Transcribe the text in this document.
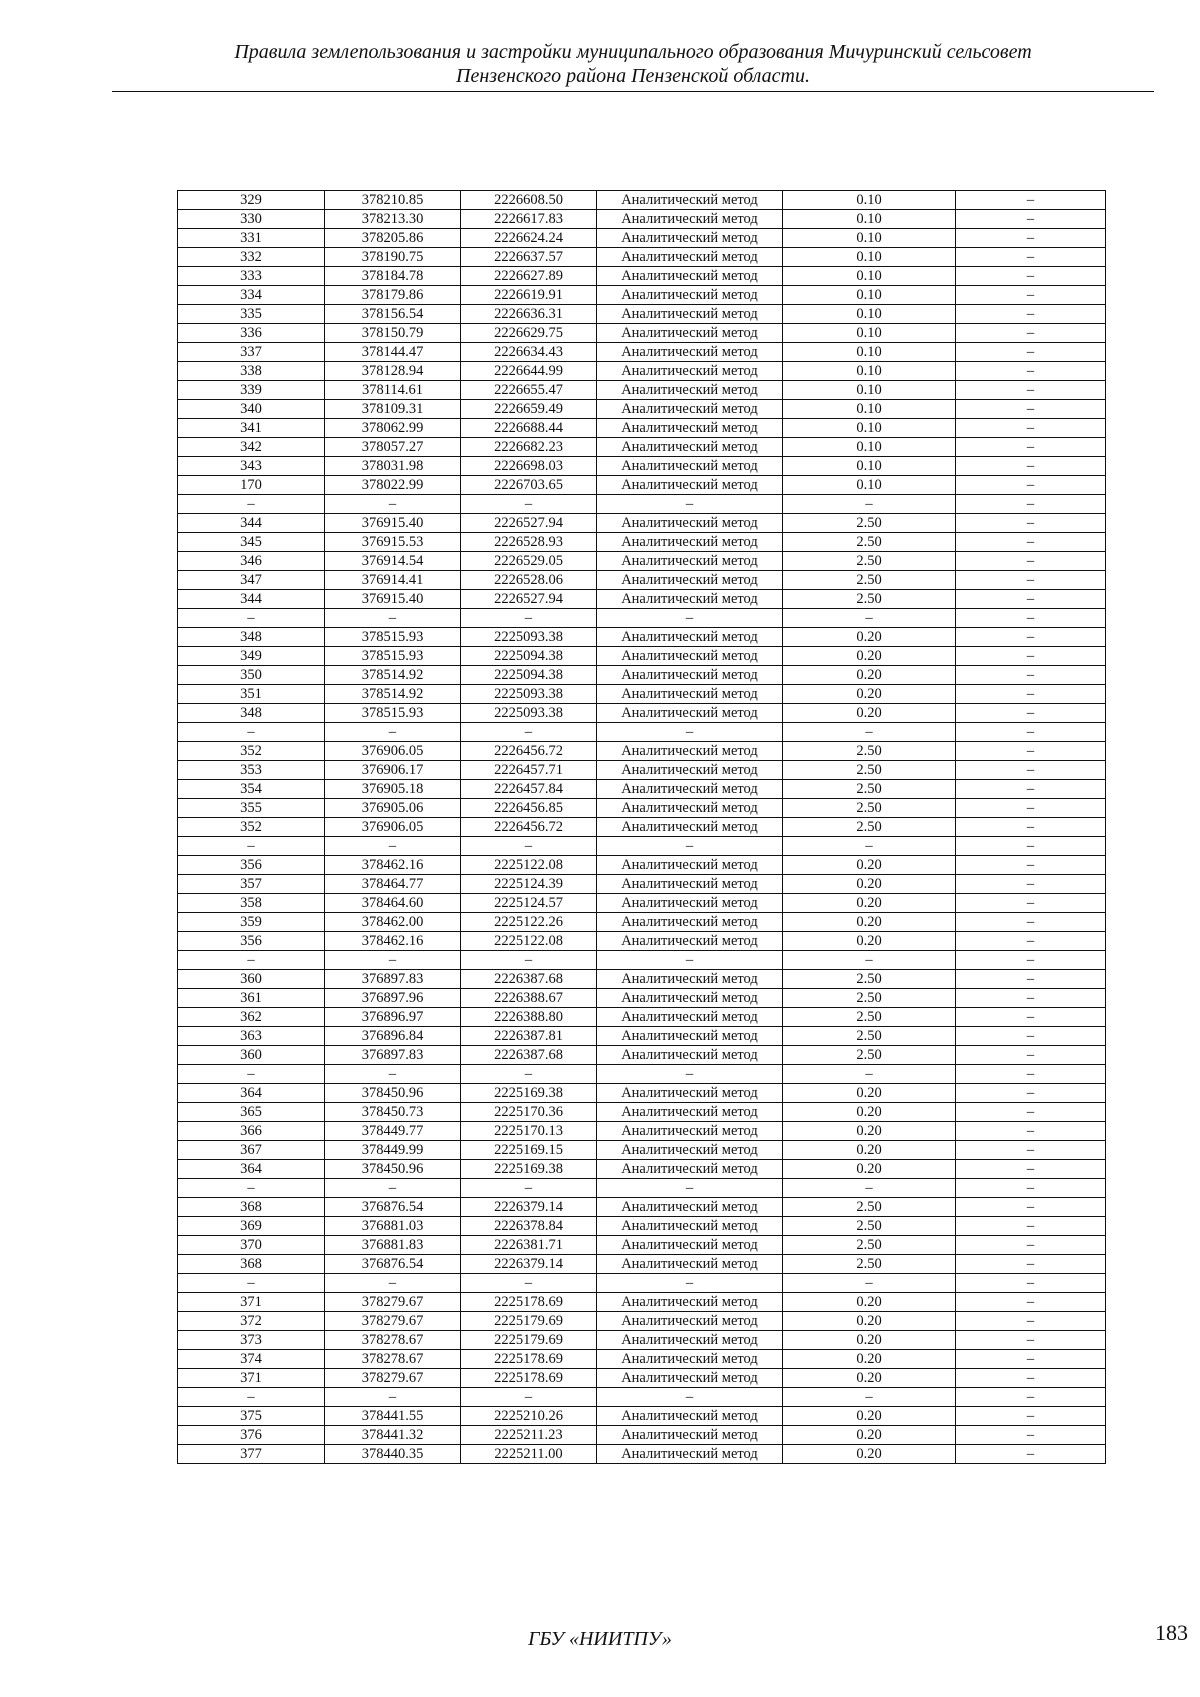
Правила землепользования и застройки муниципального образования Мичуринский сельсовет
Пензенского района Пензенской области.
329	378210.85	2226608.50	Аналитический метод	0.10	–
330	378213.30	2226617.83	Аналитический метод	0.10	–
331	378205.86	2226624.24	Аналитический метод	0.10	–
332	378190.75	2226637.57	Аналитический метод	0.10	–
333	378184.78	2226627.89	Аналитический метод	0.10	–
334	378179.86	2226619.91	Аналитический метод	0.10	–
335	378156.54	2226636.31	Аналитический метод	0.10	–
336	378150.79	2226629.75	Аналитический метод	0.10	–
337	378144.47	2226634.43	Аналитический метод	0.10	–
338	378128.94	2226644.99	Аналитический метод	0.10	–
339	378114.61	2226655.47	Аналитический метод	0.10	–
340	378109.31	2226659.49	Аналитический метод	0.10	–
341	378062.99	2226688.44	Аналитический метод	0.10	–
342	378057.27	2226682.23	Аналитический метод	0.10	–
343	378031.98	2226698.03	Аналитический метод	0.10	–
170	378022.99	2226703.65	Аналитический метод	0.10	–
–	–	–	–	–	–
344	376915.40	2226527.94	Аналитический метод	2.50	–
345	376915.53	2226528.93	Аналитический метод	2.50	–
346	376914.54	2226529.05	Аналитический метод	2.50	–
347	376914.41	2226528.06	Аналитический метод	2.50	–
344	376915.40	2226527.94	Аналитический метод	2.50	–
–	–	–	–	–	–
348	378515.93	2225093.38	Аналитический метод	0.20	–
349	378515.93	2225094.38	Аналитический метод	0.20	–
350	378514.92	2225094.38	Аналитический метод	0.20	–
351	378514.92	2225093.38	Аналитический метод	0.20	–
348	378515.93	2225093.38	Аналитический метод	0.20	–
–	–	–	–	–	–
352	376906.05	2226456.72	Аналитический метод	2.50	–
353	376906.17	2226457.71	Аналитический метод	2.50	–
354	376905.18	2226457.84	Аналитический метод	2.50	–
355	376905.06	2226456.85	Аналитический метод	2.50	–
352	376906.05	2226456.72	Аналитический метод	2.50	–
–	–	–	–	–	–
356	378462.16	2225122.08	Аналитический метод	0.20	–
357	378464.77	2225124.39	Аналитический метод	0.20	–
358	378464.60	2225124.57	Аналитический метод	0.20	–
359	378462.00	2225122.26	Аналитический метод	0.20	–
356	378462.16	2225122.08	Аналитический метод	0.20	–
–	–	–	–	–	–
360	376897.83	2226387.68	Аналитический метод	2.50	–
361	376897.96	2226388.67	Аналитический метод	2.50	–
362	376896.97	2226388.80	Аналитический метод	2.50	–
363	376896.84	2226387.81	Аналитический метод	2.50	–
360	376897.83	2226387.68	Аналитический метод	2.50	–
–	–	–	–	–	–
364	378450.96	2225169.38	Аналитический метод	0.20	–
365	378450.73	2225170.36	Аналитический метод	0.20	–
366	378449.77	2225170.13	Аналитический метод	0.20	–
367	378449.99	2225169.15	Аналитический метод	0.20	–
364	378450.96	2225169.38	Аналитический метод	0.20	–
–	–	–	–	–	–
368	376876.54	2226379.14	Аналитический метод	2.50	–
369	376881.03	2226378.84	Аналитический метод	2.50	–
370	376881.83	2226381.71	Аналитический метод	2.50	–
368	376876.54	2226379.14	Аналитический метод	2.50	–
–	–	–	–	–	–
371	378279.67	2225178.69	Аналитический метод	0.20	–
372	378279.67	2225179.69	Аналитический метод	0.20	–
373	378278.67	2225179.69	Аналитический метод	0.20	–
374	378278.67	2225178.69	Аналитический метод	0.20	–
371	378279.67	2225178.69	Аналитический метод	0.20	–
–	–	–	–	–	–
375	378441.55	2225210.26	Аналитический метод	0.20	–
376	378441.32	2225211.23	Аналитический метод	0.20	–
377	378440.35	2225211.00	Аналитический метод	0.20	–
ГБУ «НИИТПУ»	183
